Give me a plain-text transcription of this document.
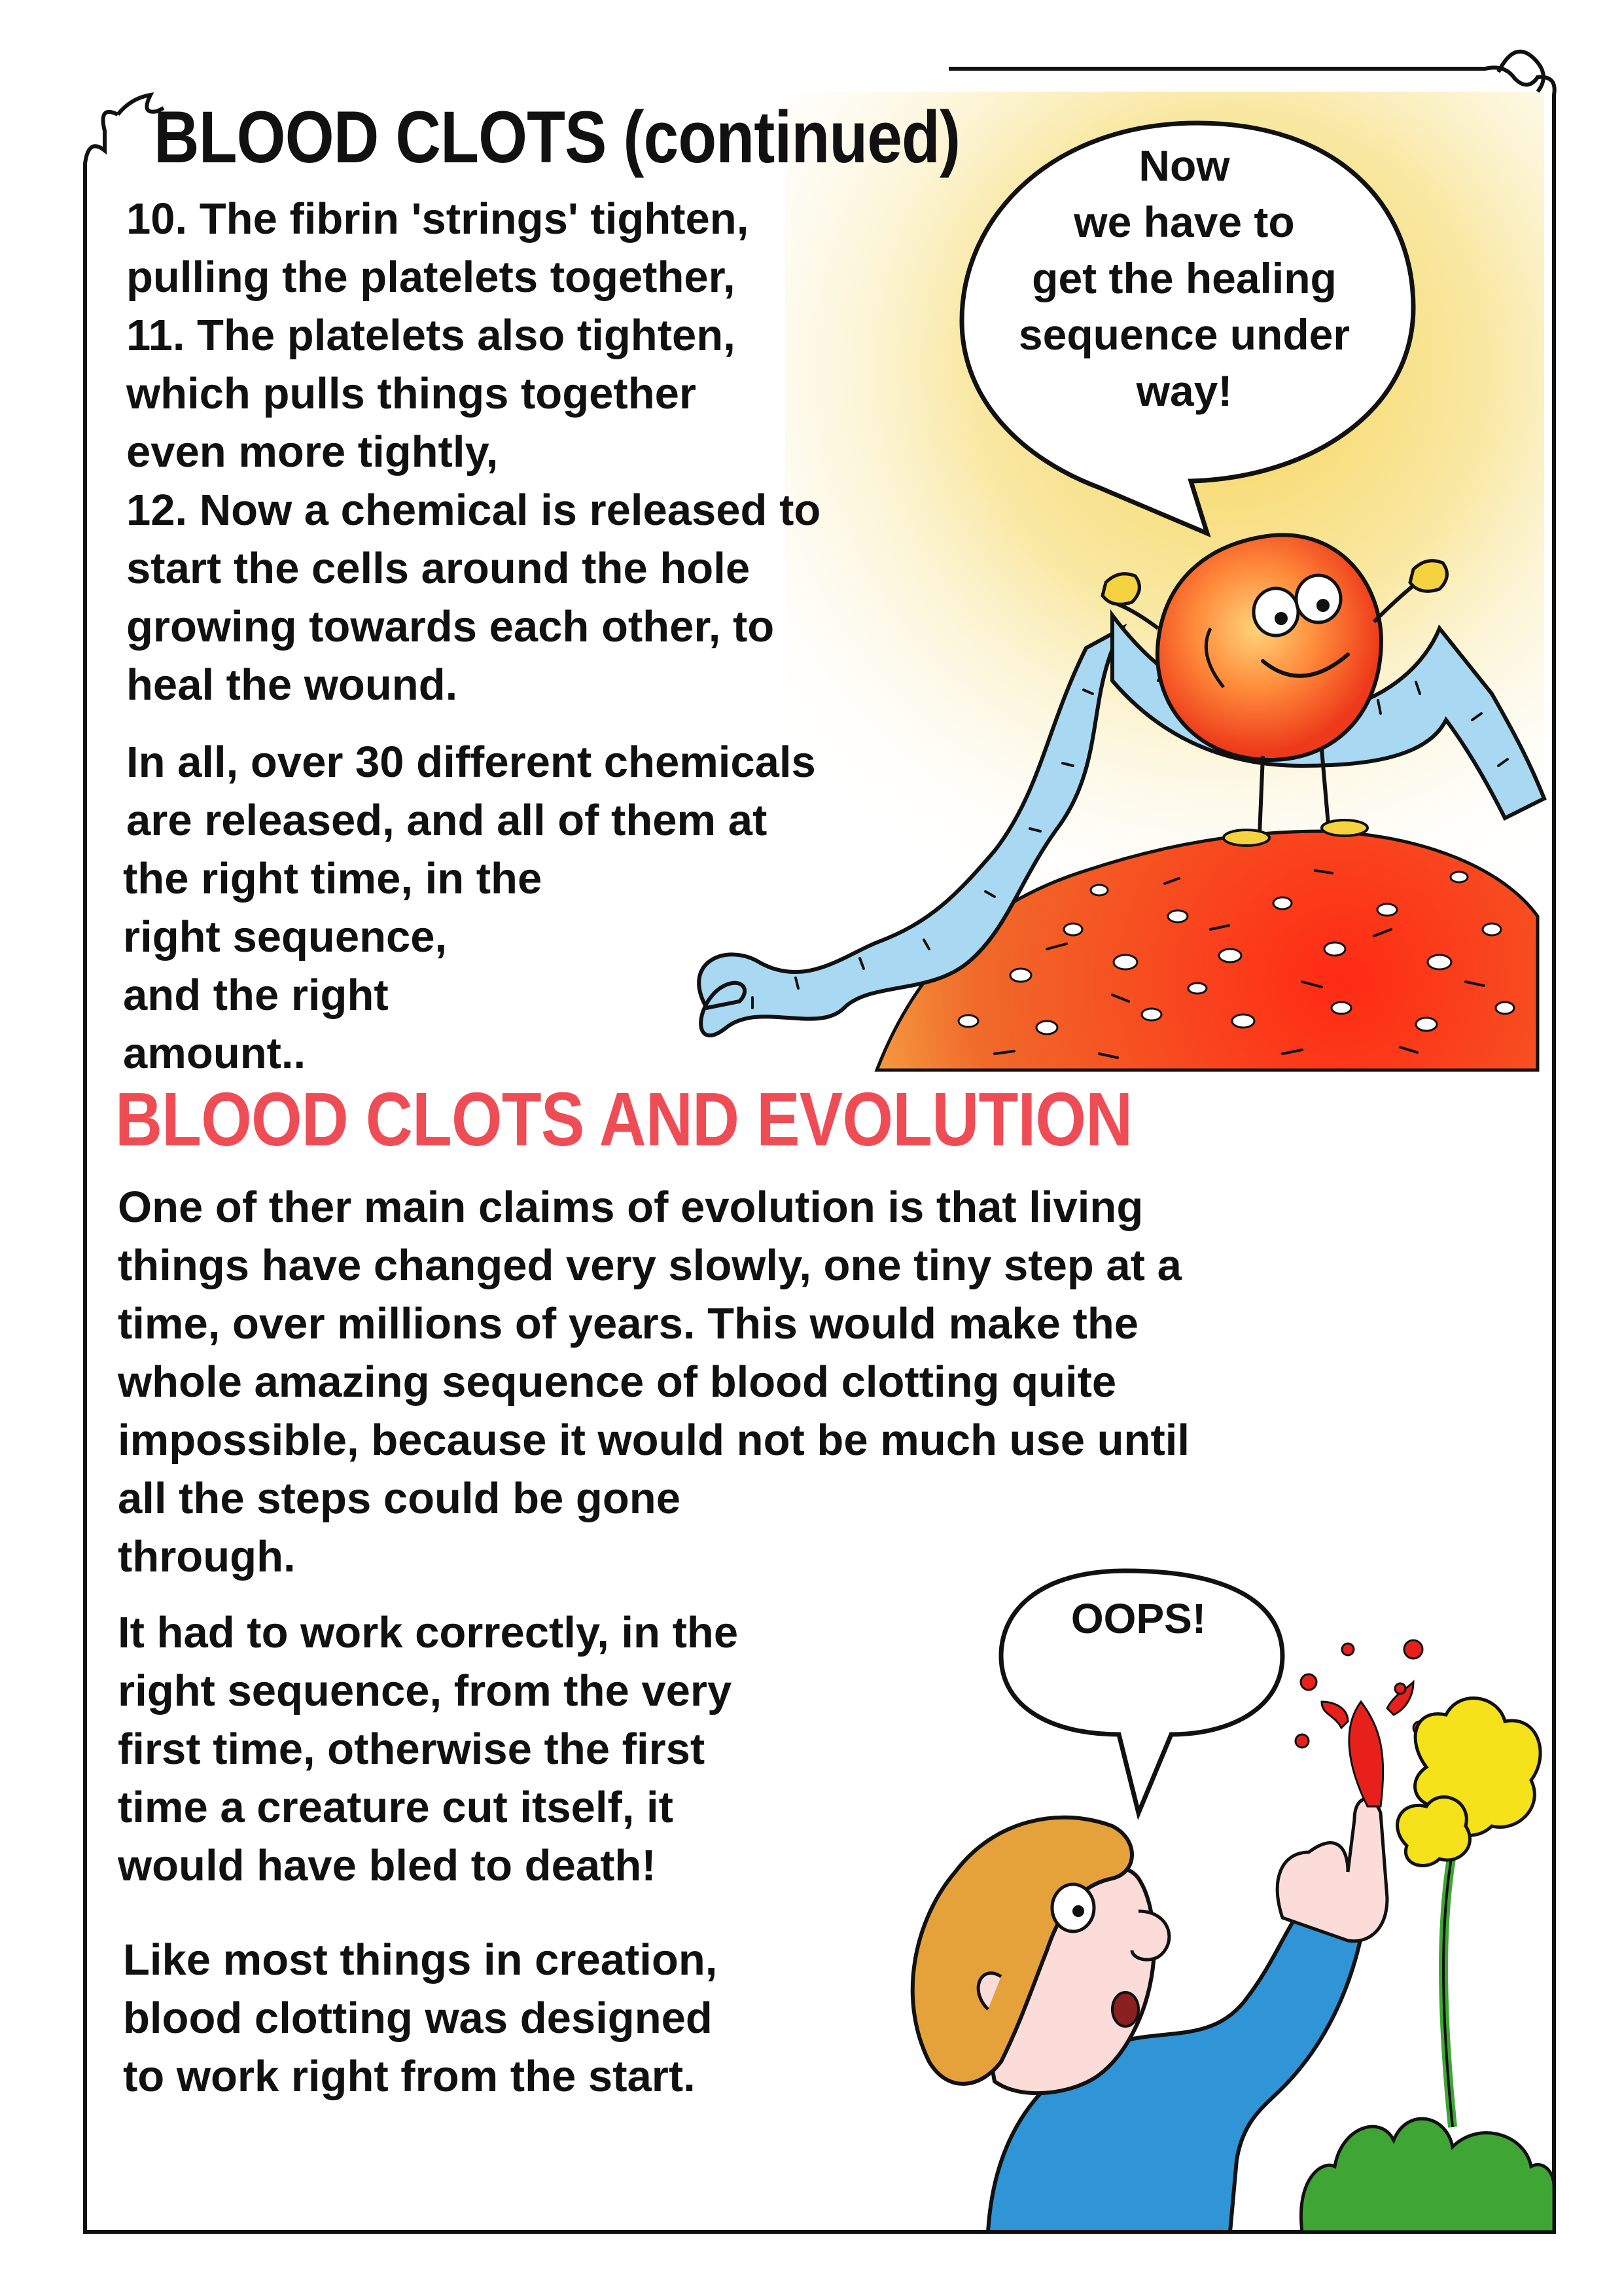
BLOOD CLOTS (continued)
10. The fibrin 'strings' tighten,
pulling the platelets together,
11. The platelets also tighten,
which pulls things together
even more tightly,
12. Now a chemical is released to
start the cells around the hole
growing towards each other, to
heal the wound.
In all, over 30 different chemicals
are released, and all of them at
the right time, in the
right sequence,
and the right
amount..
Now
we have to
get the healing
sequence under
way!
BLOOD CLOTS AND EVOLUTION
One of ther main claims of evolution is that living
things have changed very slowly, one tiny step at a
time, over millions of years. This would make the
whole amazing sequence of blood clotting quite
impossible, because it would not be much use until
all the steps could be gone
through.
It had to work correctly, in the
right sequence, from the very
first time, otherwise the first
time a creature cut itself, it
would have bled to death!
OOPS!
Like most things in creation,
blood clotting was designed
to work right from the start.
